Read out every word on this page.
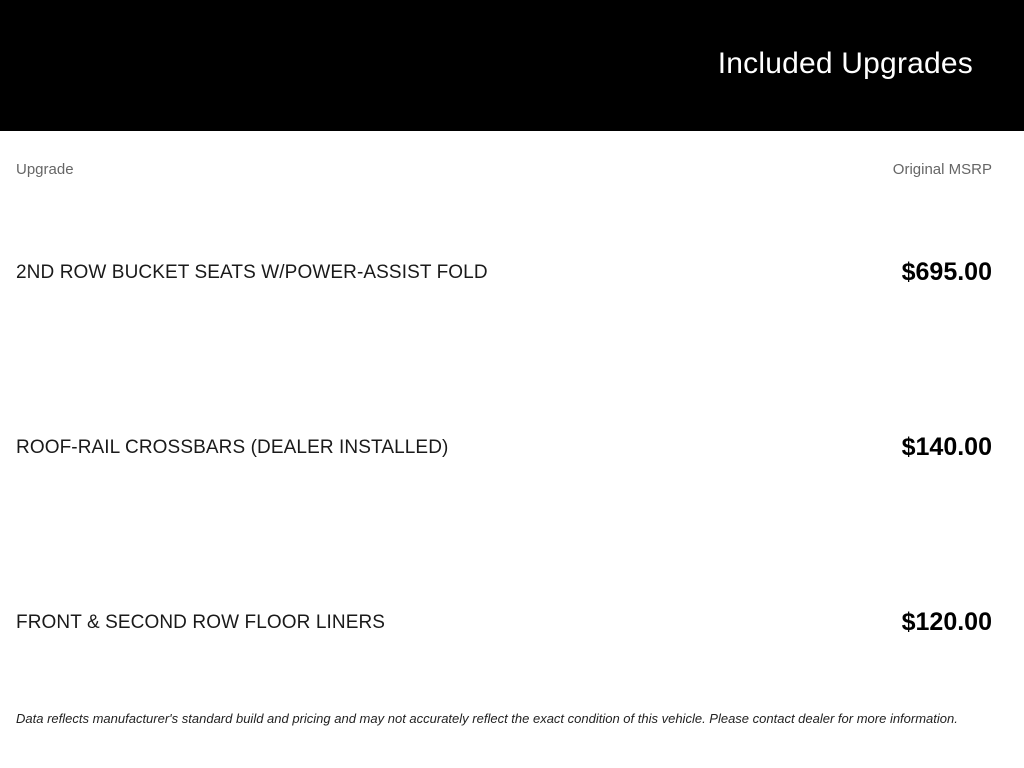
Included Upgrades
Upgrade	Original MSRP
2ND ROW BUCKET SEATS W/POWER-ASSIST FOLD	$695.00
ROOF-RAIL CROSSBARS (DEALER INSTALLED)	$140.00
FRONT & SECOND ROW FLOOR LINERS	$120.00
Data reflects manufacturer's standard build and pricing and may not accurately reflect the exact condition of this vehicle. Please contact dealer for more information.
